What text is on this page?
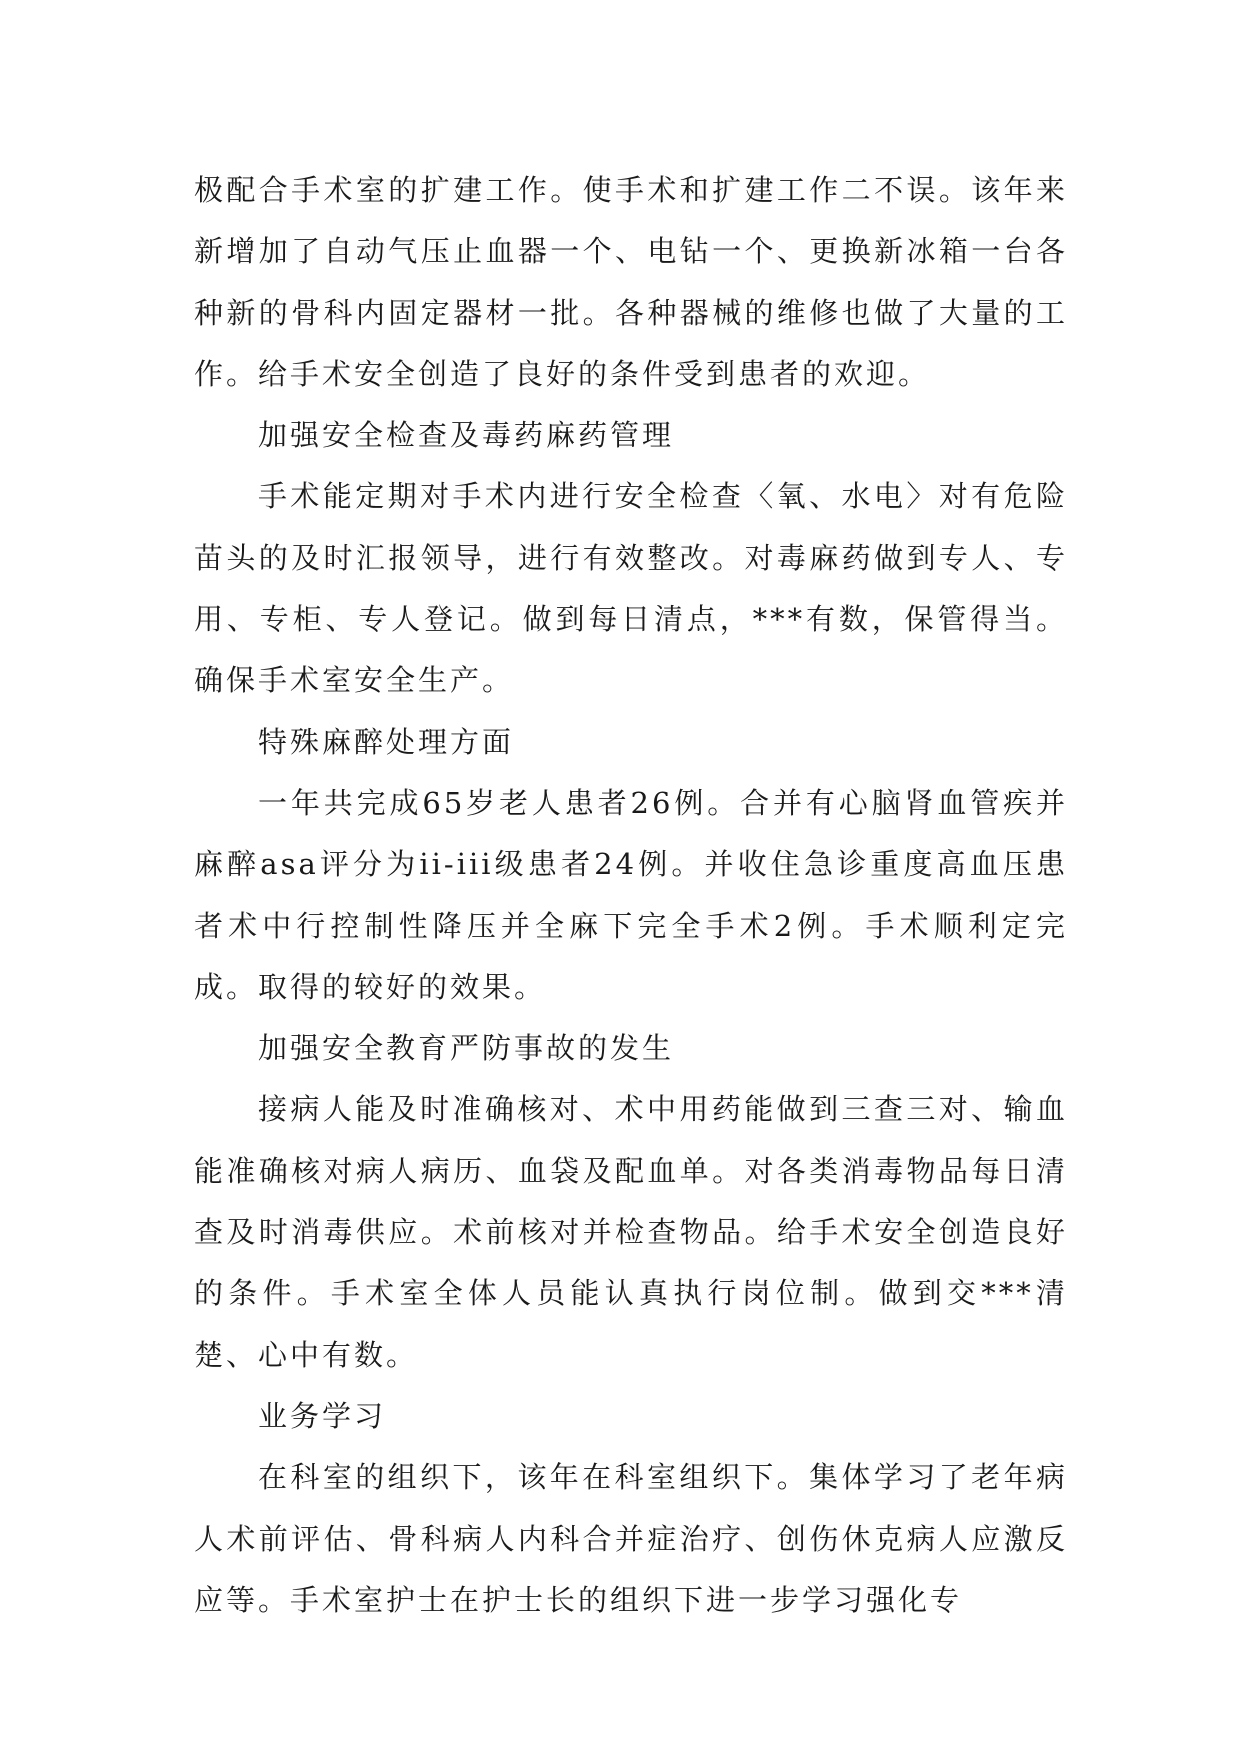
极配合手术室的扩建工作。使手术和扩建工作二不误。该年来新增加了自动气压止血器一个、电钻一个、更换新冰箱一台各种新的骨科内固定器材一批。各种器械的维修也做了大量的工作。给手术安全创造了良好的条件受到患者的欢迎。

加强安全检查及毒药麻药管理

手术能定期对手术内进行安全检查〈氧、水电〉对有危险苗头的及时汇报领导，进行有效整改。对毒麻药做到专人、专用、专柜、专人登记。做到每日清点，***有数，保管得当。确保手术室安全生产。

特殊麻醉处理方面

一年共完成65岁老人患者26例。合并有心脑肾血管疾并麻醉asa评分为ii-iii级患者24例。并收住急诊重度高血压患者术中行控制性降压并全麻下完全手术2例。手术顺利定完成。取得的较好的效果。

加强安全教育严防事故的发生

接病人能及时准确核对、术中用药能做到三查三对、输血能准确核对病人病历、血袋及配血单。对各类消毒物品每日清查及时消毒供应。术前核对并检查物品。给手术安全创造良好的条件。手术室全体人员能认真执行岗位制。做到交***清楚、心中有数。

业务学习

在科室的组织下，该年在科室组织下。集体学习了老年病人术前评估、骨科病人内科合并症治疗、创伤休克病人应激反应等。手术室护士在护士长的组织下进一步学习强化专
